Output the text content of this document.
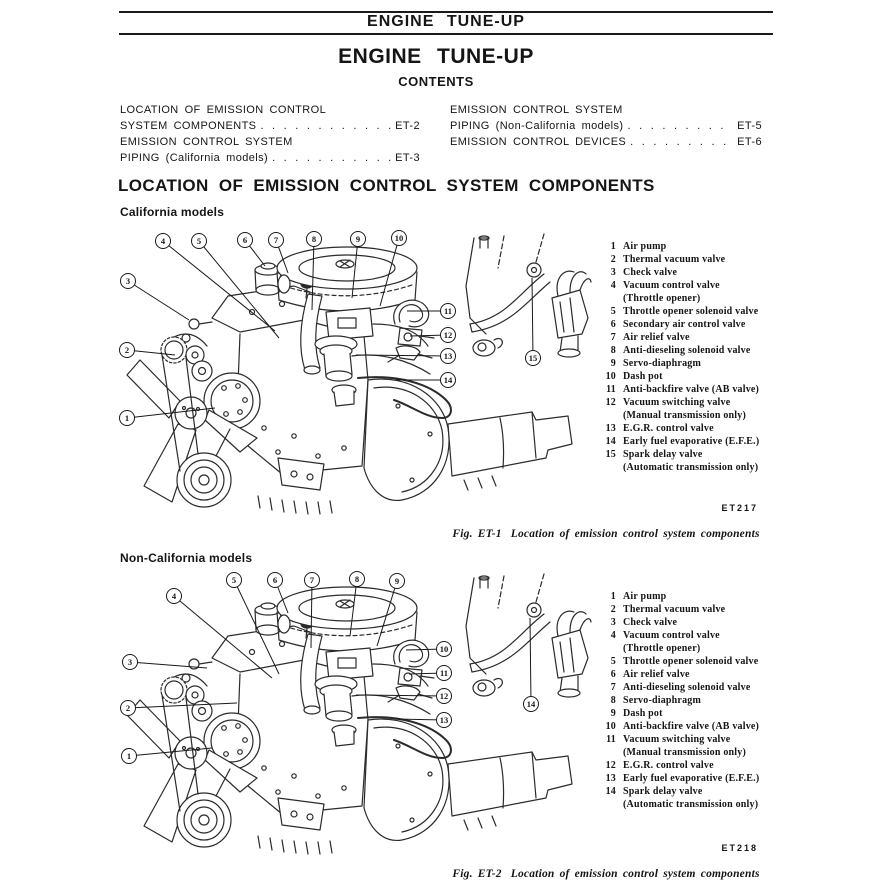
ENGINE TUNE-UP
ENGINE TUNE-UP
CONTENTS
LOCATION OF EMISSION CONTROL
SYSTEM COMPONENTS . . .	ET-2
EMISSION CONTROL SYSTEM
PIPING (California models) . . .	ET-3
EMISSION CONTROL SYSTEM
PIPING (Non-California models) . . .	ET-5
EMISSION CONTROL DEVICES . . .	ET-6
LOCATION OF EMISSION CONTROL SYSTEM COMPONENTS
California models
1
2
3
4	5	6	7	8	9	10
11
12
13
14
15
1 Air pump
2 Thermal vacuum valve
3 Check valve
4 Vacuum control valve
(Throttle opener)
5 Throttle opener solenoid valve
6 Secondary air control valve
7 Air relief valve
8 Anti-dieseling solenoid valve
9 Servo-diaphragm
10 Dash pot
11 Anti-backfire valve (AB valve)
12 Vacuum switching valve
(Manual transmission only)
13 E.G.R. control valve
14 Early fuel evaporative (E.F.E.)
15 Spark delay valve
(Automatic transmission only)
ET217
Fig. ET-1 Location of emission control system components
Non-California models
1
2
3
4
5	6	7	8	9
10
11
12
13
14
1 Air pump
2 Thermal vacuum valve
3 Check valve
4 Vacuum control valve
(Throttle opener)
5 Throttle opener solenoid valve
6 Air relief valve
7 Anti-dieseling solenoid valve
8 Servo-diaphragm
9 Dash pot
10 Anti-backfire valve (AB valve)
11 Vacuum switching valve
(Manual transmission only)
12 E.G.R. control valve
13 Early fuel evaporative (E.F.E.)
14 Spark delay valve
(Automatic transmission only)
ET218
Fig. ET-2 Location of emission control system components
